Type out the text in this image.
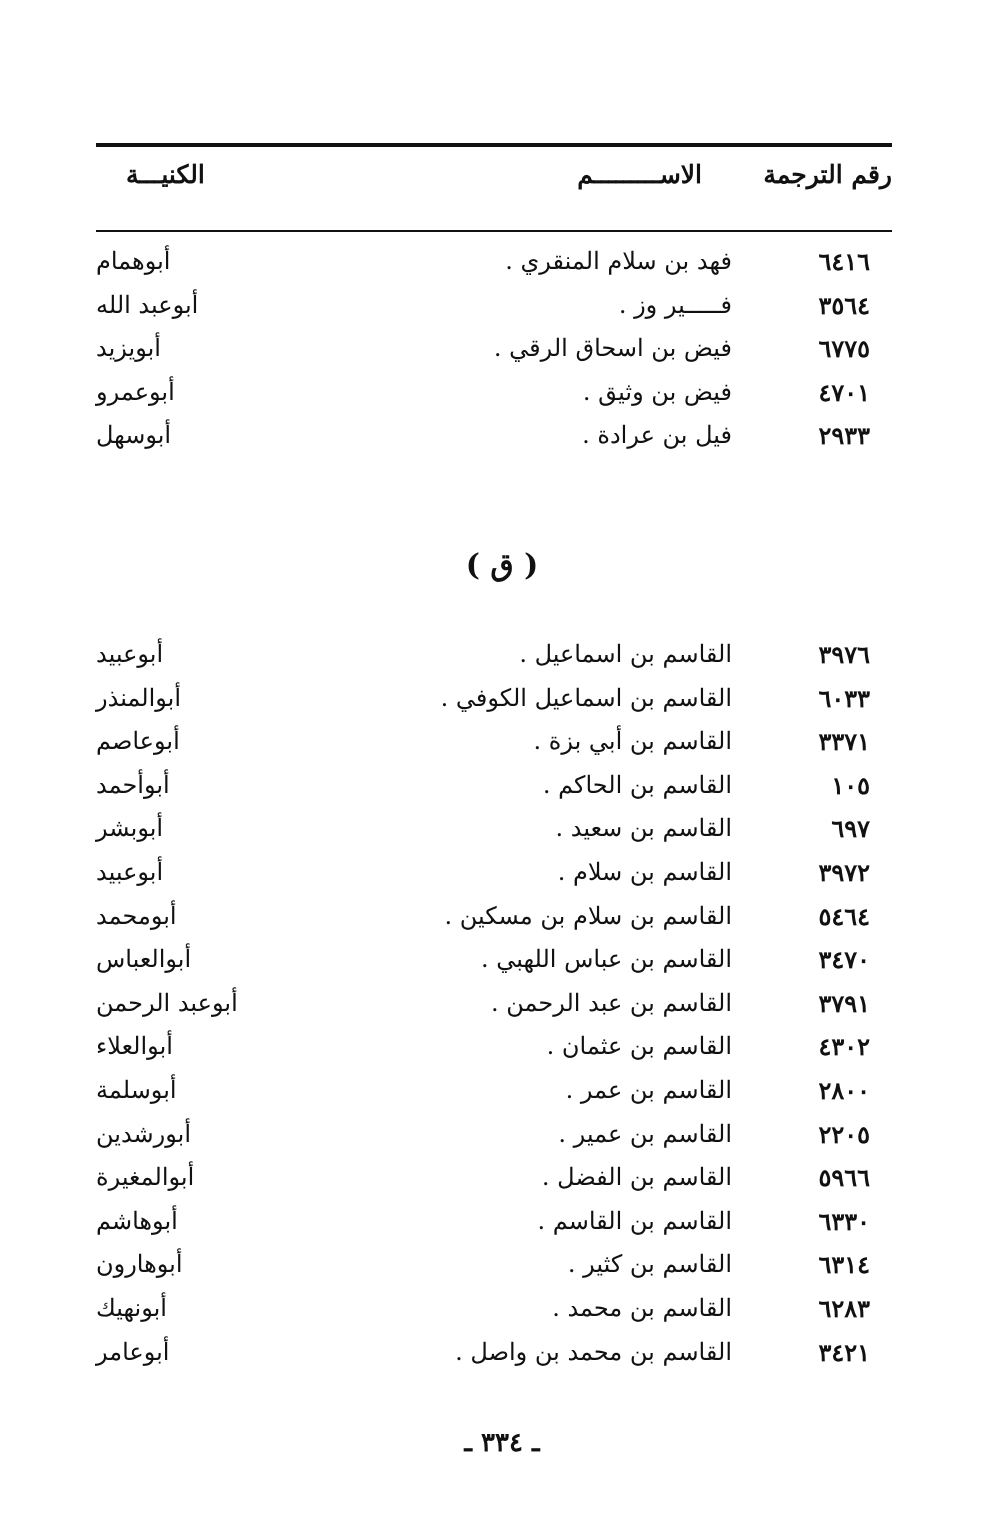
رقم الترجمة
الاســـــــــم
الكنيـــة
٦٤١٦
فهد بن سلام المنقري .
أبوهمام
٣٥٦٤
فـــــير وز .
أبوعبد الله
٦٧٧٥
فيض بن اسحاق الرقي .
أبويزيد
٤٧٠١
فيض بن وثيق .
أبوعمرو
٢٩٣٣
فيل بن عرادة .
أبوسهل
( ق )
٣٩٧٦
القاسم بن اسماعيل .
أبوعبيد
٦٠٣٣
القاسم بن اسماعيل الكوفي .
أبوالمنذر
٣٣٧١
القاسم بن أبي بزة .
أبوعاصم
١٠٥
القاسم بن الحاكم .
أبوأحمد
٦٩٧
القاسم بن سعيد .
أبوبشر
٣٩٧٢
القاسم بن سلام .
أبوعبيد
٥٤٦٤
القاسم بن سلام بن مسكين .
أبومحمد
٣٤٧٠
القاسم بن عباس اللهبي .
أبوالعباس
٣٧٩١
القاسم بن عبد الرحمن .
أبوعبد الرحمن
٤٣٠٢
القاسم بن عثمان .
أبوالعلاء
٢٨٠٠
القاسم بن عمر .
أبوسلمة
٢٢٠٥
القاسم بن عمير .
أبورشدين
٥٩٦٦
القاسم بن الفضل .
أبوالمغيرة
٦٣٣٠
القاسم بن القاسم .
أبوهاشم
٦٣١٤
القاسم بن كثير .
أبوهارون
٦٢٨٣
القاسم بن محمد .
أبونهيك
٣٤٢١
القاسم بن محمد بن واصل .
أبوعامر
ـ ٣٣٤ ـ
